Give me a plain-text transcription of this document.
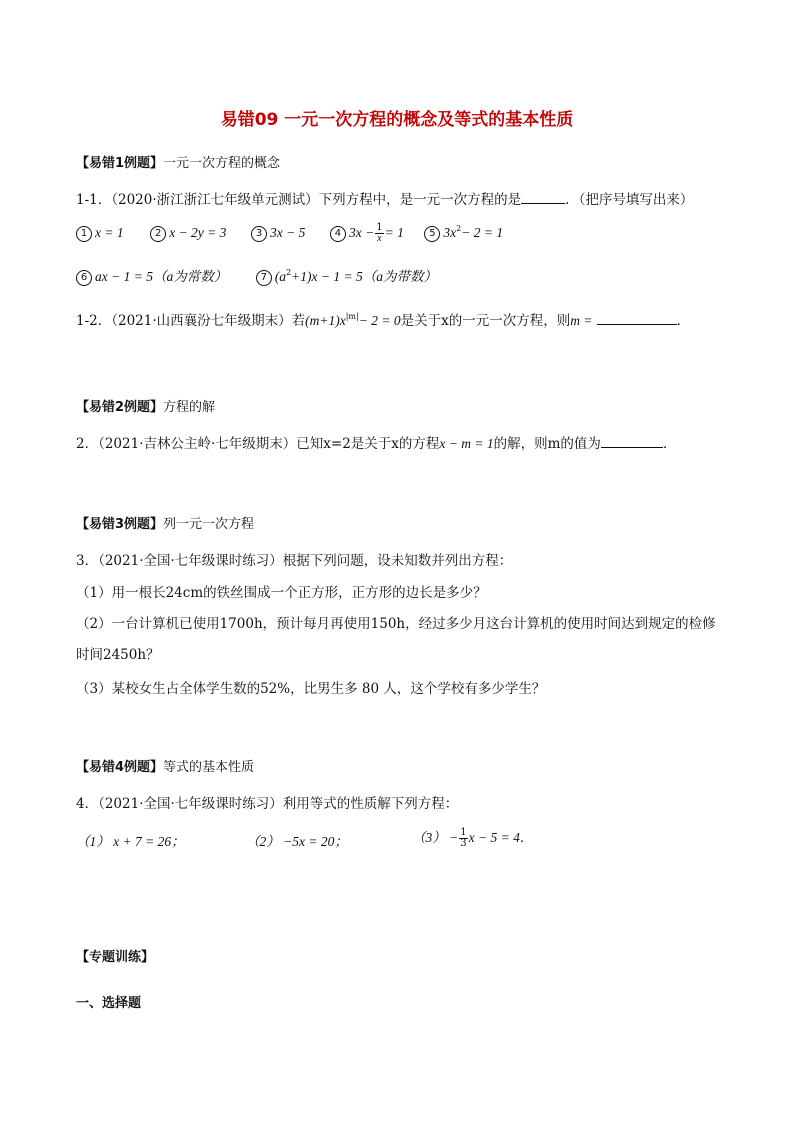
易错09 一元一次方程的概念及等式的基本性质
【易错1例题】一元一次方程的概念
1-1．（2020·浙江浙江七年级单元测试）下列方程中，是一元一次方程的是	．（把序号填写出来）
1 x = 1	2 x − 2y = 3	3 3x − 5	4 $3x - \frac{1}{x} = 1$	5 $3x^2- 2 = 1$
6 ax − 1 = 5（a为常数）	7 $(a^2+1)x - 1 = 5(a$为带数）
1-2．（2021·山西襄汾七年级期末）若$(m+1)x^{|m|}- 2 = 0$是关于x的一元一次方程，则m =	．
【易错2例题】方程的解
2．（2021·吉林公主岭·七年级期末）已知x=2是关于x的方程x − m = 1的解，则m的值为	．
【易错3例题】列一元一次方程
3．（2021·全国·七年级课时练习）根据下列问题，设未知数并列出方程：
（1）用一根长24cm的铁丝围成一个正方形，正方形的边长是多少？
（2）一台计算机已使用1700h，预计每月再使用150h，经过多少月这台计算机的使用时间达到规定的检修
时间2450h？
（3）某校女生占全体学生数的52%，比男生多 80 人，这个学校有多少学生？
【易错4例题】等式的基本性质
4．（2021·全国·七年级课时练习）利用等式的性质解下列方程：
（1） x + 7 = 26；	（2） −5x = 20；	$(3) - \frac{1}{3}$ x − 5 = 4．
【专题训练】
一、选择题
